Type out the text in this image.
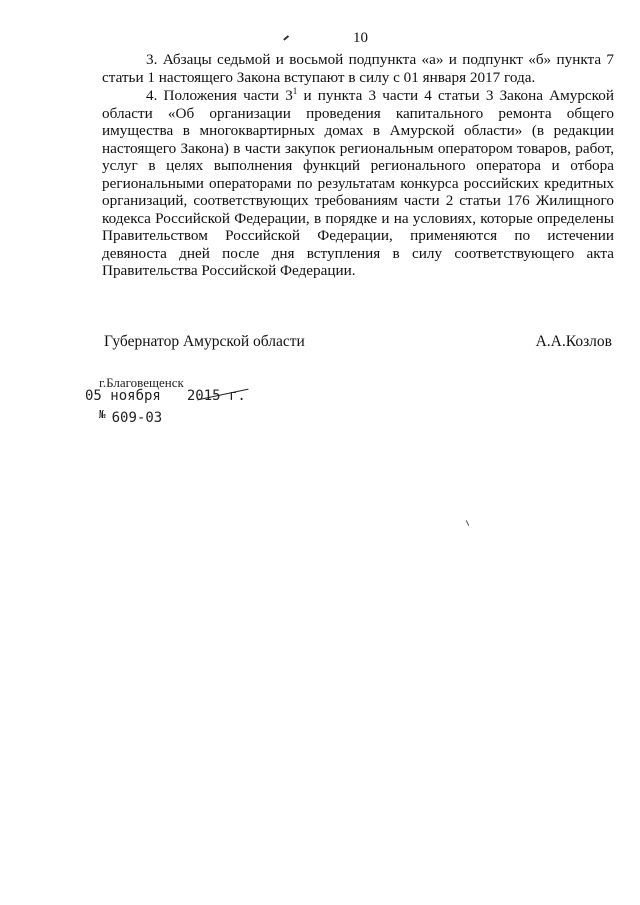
10

3. Абзацы седьмой и восьмой подпункта «а» и подпункт «б» пункта 7 статьи 1 настоящего Закона вступают в силу с 01 января 2017 года.

4. Положения части $3^1$ и пункта 3 части 4 статьи 3 Закона Амурской области «Об организации проведения капитального ремонта общего имущества в многоквартирных домах в Амурской области» (в редакции настоящего Закона) в части закупок региональным оператором товаров, работ, услуг в целях выполнения функций регионального оператора и отбора региональными операторами по результатам конкурса российских кредитных организаций, соответствующих требованиям части 2 статьи 176 Жилищного кодекса Российской Федерации, в порядке и на условиях, которые определены Правительством Российской Федерации, применяются по истечении девяноста дней после дня вступления в силу соответствующего акта Правительства Российской Федерации.

Губернатор Амурской области	А.А.Козлов
г.Благовещенск
05 ноября 2015 г.
№ 609-03
